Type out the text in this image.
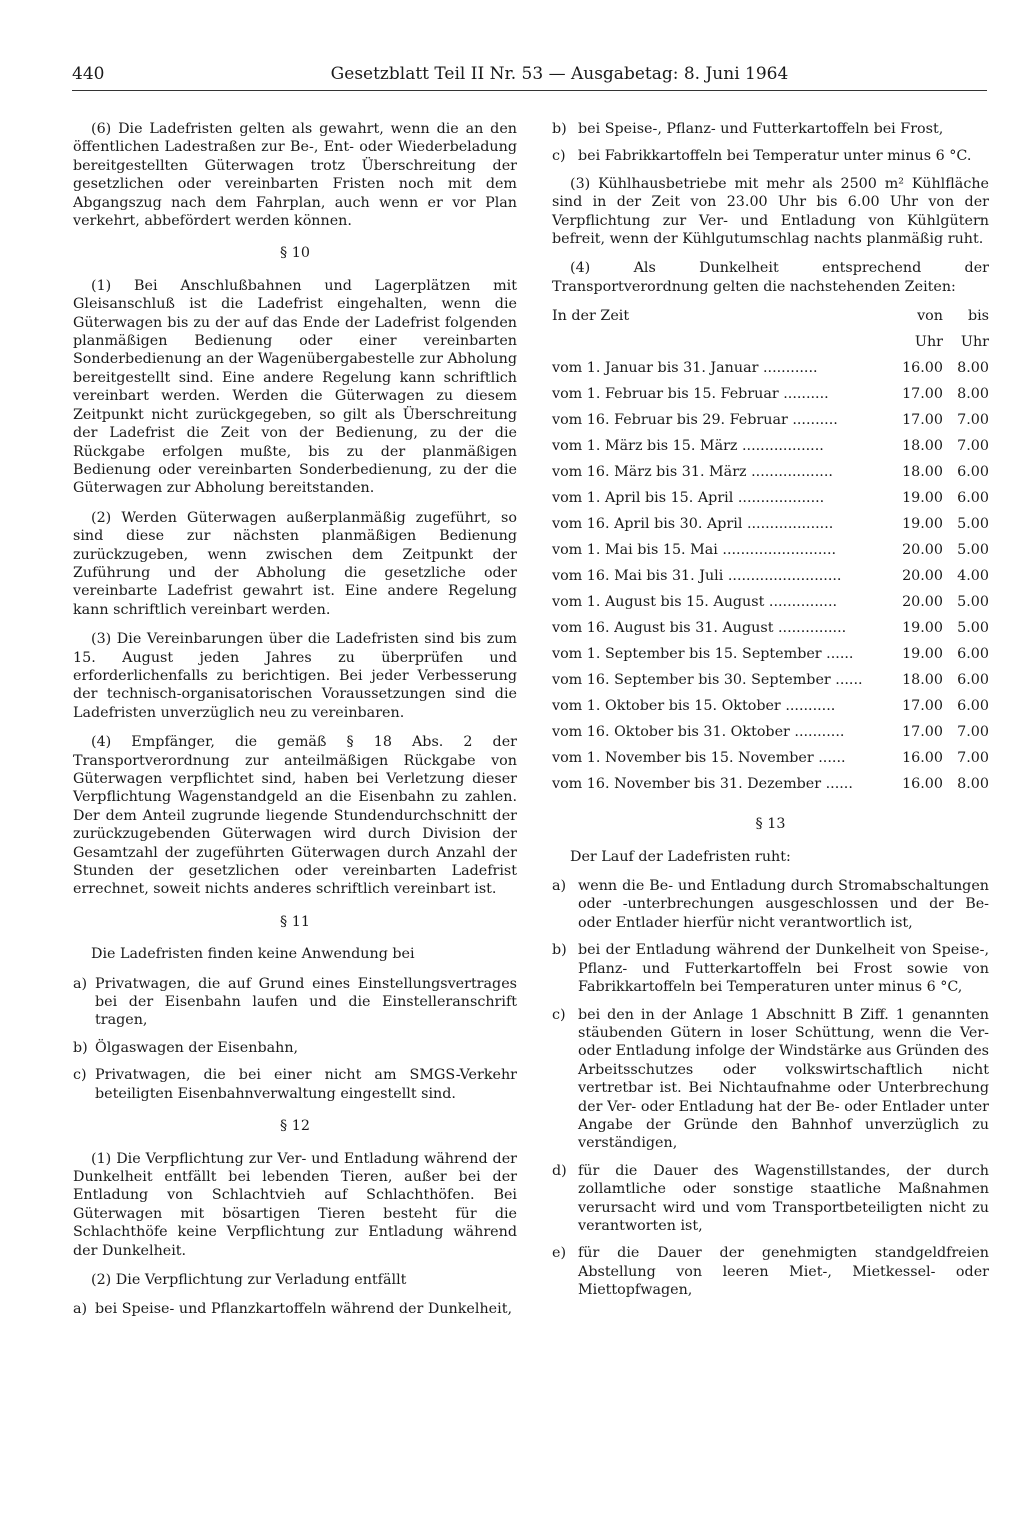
440	Gesetzblatt Teil II Nr. 53 — Ausgabetag: 8. Juni 1964

(6) Die Ladefristen gelten als gewahrt, wenn die an den öffentlichen Ladestraßen zur Be-, Ent- oder Wiederbeladung bereitgestellten Güterwagen trotz Überschreitung der gesetzlichen oder vereinbarten Fristen noch mit dem Abgangszug nach dem Fahrplan, auch wenn er vor Plan verkehrt, abbefördert werden können.

§ 10

(1) Bei Anschlußbahnen und Lagerplätzen mit Gleisanschluß ist die Ladefrist eingehalten, wenn die Güterwagen bis zu der auf das Ende der Ladefrist folgenden planmäßigen Bedienung oder einer vereinbarten Sonderbedienung an der Wagenübergabestelle zur Abholung bereitgestellt sind. Eine andere Regelung kann schriftlich vereinbart werden. Werden die Güterwagen zu diesem Zeitpunkt nicht zurückgegeben, so gilt als Überschreitung der Ladefrist die Zeit von der Bedienung, zu der die Rückgabe erfolgen mußte, bis zu der planmäßigen Bedienung oder vereinbarten Sonderbedienung, zu der die Güterwagen zur Abholung bereitstanden.

(2) Werden Güterwagen außerplanmäßig zugeführt, so sind diese zur nächsten planmäßigen Bedienung zurückzugeben, wenn zwischen dem Zeitpunkt der Zuführung und der Abholung die gesetzliche oder vereinbarte Ladefrist gewahrt ist. Eine andere Regelung kann schriftlich vereinbart werden.

(3) Die Vereinbarungen über die Ladefristen sind bis zum 15. August jeden Jahres zu überprüfen und erforderlichenfalls zu berichtigen. Bei jeder Verbesserung der technisch-organisatorischen Voraussetzungen sind die Ladefristen unverzüglich neu zu vereinbaren.

(4) Empfänger, die gemäß § 18 Abs. 2 der Transportverordnung zur anteilmäßigen Rückgabe von Güterwagen verpflichtet sind, haben bei Verletzung dieser Verpflichtung Wagenstandgeld an die Eisenbahn zu zahlen. Der dem Anteil zugrunde liegende Stundendurchschnitt der zurückzugebenden Güterwagen wird durch Division der Gesamtzahl der zugeführten Güterwagen durch Anzahl der Stunden der gesetzlichen oder vereinbarten Ladefrist errechnet, soweit nichts anderes schriftlich vereinbart ist.

§ 11

Die Ladefristen finden keine Anwendung bei

a) Privatwagen, die auf Grund eines Einstellungsvertrages bei der Eisenbahn laufen und die Einstelleranschrift tragen,
b) Ölgaswagen der Eisenbahn,
c) Privatwagen, die bei einer nicht am SMGS-Verkehr beteiligten Eisenbahnverwaltung eingestellt sind.
§ 12

(1) Die Verpflichtung zur Ver- und Entladung während der Dunkelheit entfällt bei lebenden Tieren, außer bei der Entladung von Schlachtvieh auf Schlachthöfen. Bei Güterwagen mit bösartigen Tieren besteht für die Schlachthöfe keine Verpflichtung zur Entladung während der Dunkelheit.

(2) Die Verpflichtung zur Verladung entfällt

a) bei Speise- und Pflanzkartoffeln während der Dunkelheit,
b) bei Speise-, Pflanz- und Futterkartoffeln bei Frost,
c) bei Fabrikkartoffeln bei Temperatur unter minus 6 °C.

(3) Kühlhausbetriebe mit mehr als 2500 m² Kühlfläche sind in der Zeit von 23.00 Uhr bis 6.00 Uhr von der Verpflichtung zur Ver- und Entladung von Kühlgütern befreit, wenn der Kühlgutumschlag nachts planmäßig ruht.

(4) Als Dunkelheit entsprechend der Transportverordnung gelten die nachstehenden Zeiten:

In der Zeit	von	bis
	Uhr	Uhr
vom 1. Januar bis 31. Januar ............	16.00	8.00
vom 1. Februar bis 15. Februar ..........	17.00	8.00
vom 16. Februar bis 29. Februar ..........	17.00	7.00
vom 1. März bis 15. März ..................	18.00	7.00
vom 16. März bis 31. März ..................	18.00	6.00
vom 1. April bis 15. April ...................	19.00	6.00
vom 16. April bis 30. April ...................	19.00	5.00
vom 1. Mai bis 15. Mai .........................	20.00	5.00
vom 16. Mai bis 31. Juli .........................	20.00	4.00
vom 1. August bis 15. August ...............	20.00	5.00
vom 16. August bis 31. August ...............	19.00	5.00
vom 1. September bis 15. September ......	19.00	6.00
vom 16. September bis 30. September ......	18.00	6.00
vom 1. Oktober bis 15. Oktober ...........	17.00	6.00
vom 16. Oktober bis 31. Oktober ...........	17.00	7.00
vom 1. November bis 15. November ......	16.00	7.00
vom 16. November bis 31. Dezember ......	16.00	8.00
§ 13

Der Lauf der Ladefristen ruht:

a) wenn die Be- und Entladung durch Stromabschaltungen oder -unterbrechungen ausgeschlossen und der Be- oder Entlader hierfür nicht verantwortlich ist,
b) bei der Entladung während der Dunkelheit von Speise-, Pflanz- und Futterkartoffeln bei Frost sowie von Fabrikkartoffeln bei Temperaturen unter minus 6 °C,
c) bei den in der Anlage 1 Abschnitt B Ziff. 1 genannten stäubenden Gütern in loser Schüttung, wenn die Ver- oder Entladung infolge der Windstärke aus Gründen des Arbeitsschutzes oder volkswirtschaftlich nicht vertretbar ist. Bei Nichtaufnahme oder Unterbrechung der Ver- oder Entladung hat der Be- oder Entlader unter Angabe der Gründe den Bahnhof unverzüglich zu verständigen,
d) für die Dauer des Wagenstillstandes, der durch zollamtliche oder sonstige staatliche Maßnahmen verursacht wird und vom Transportbeteiligten nicht zu verantworten ist,
e) für die Dauer der genehmigten standgeldfreien Abstellung von leeren Miet-, Mietkessel- oder Miettopfwagen,
